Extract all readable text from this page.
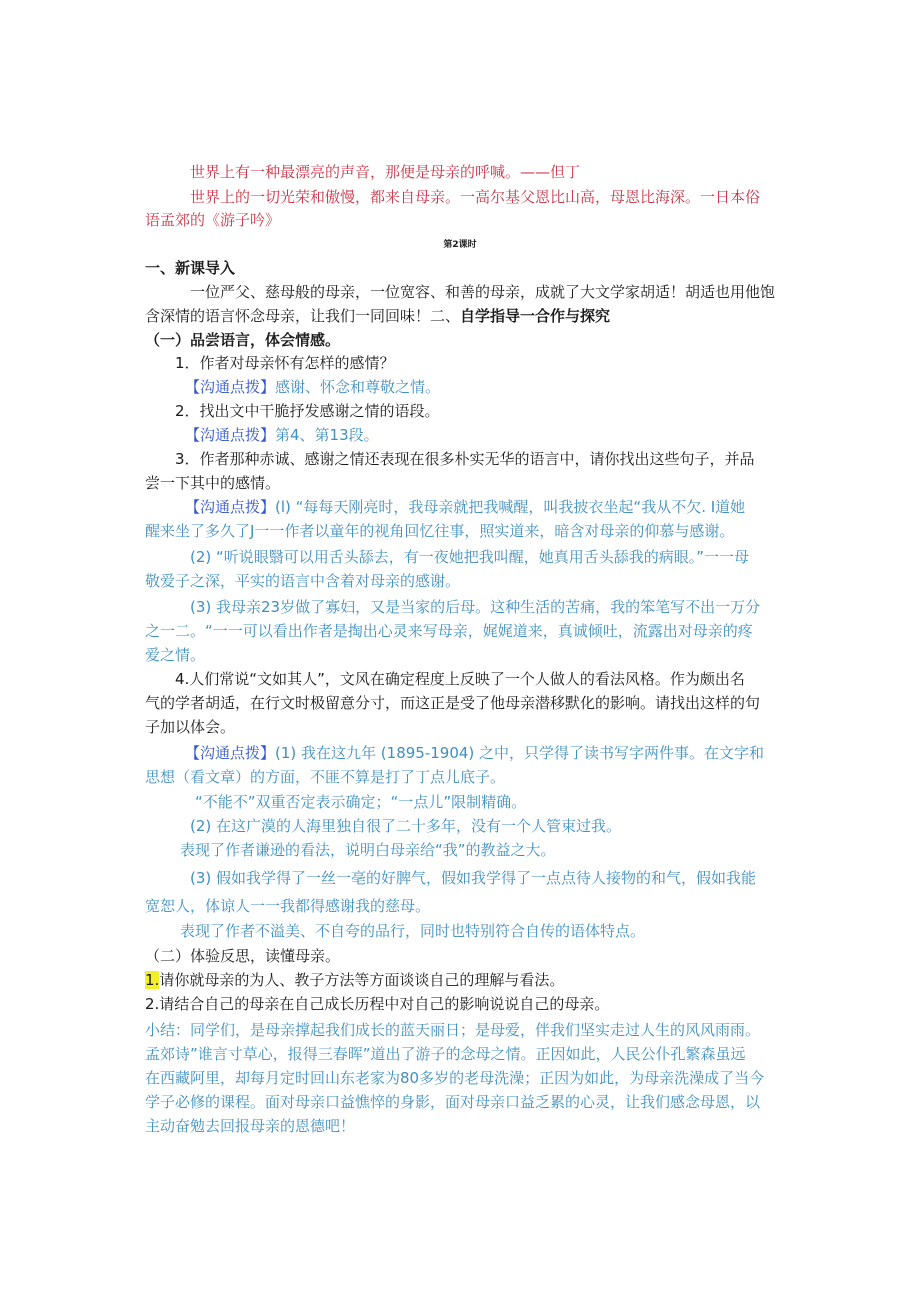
世界上有一种最漂亮的声音，那便是母亲的呼喊。——但丁
世界上的一切光荣和傲慢，都来自母亲。一高尔基父恩比山高，母恩比海深。一日本俗
语孟郊的《游子吟》
第2课时
一、新课导入
一位严父、慈母般的母亲，一位宽容、和善的母亲，成就了大文学家胡适！胡适也用他饱
含深情的语言怀念母亲，让我们一同回味！二、自学指导一合作与探究
（一）品尝语言，体会情感。
1．作者对母亲怀有怎样的感情？
【沟通点拨】感谢、怀念和尊敬之情。
2．找出文中干脆抒发感谢之情的语段。
【沟通点拨】第4、第13段。
3．作者那种赤诚、感谢之情还表现在很多朴实无华的语言中，请你找出这些句子，并品
尝一下其中的感情。
【沟通点拨】(l) “每每天刚亮时，我母亲就把我喊醒，叫我披衣坐起“我从不欠. I道她
醒来坐了多久了J一一作者以童年的视角回忆往事，照实道来，暗含对母亲的仰慕与感谢。
(2) “听说眼翳可以用舌头舔去，有一夜她把我叫醒，她真用舌头舔我的病眼。”一一母
敬爱子之深，平实的语言中含着对母亲的感谢。
(3) 我母亲23岁做了寡妇，又是当家的后母。这种生活的苦痛，我的笨笔写不出一万分
之一二。“一一可以看出作者是掏出心灵来写母亲，娓娓道来，真诚倾吐，流露出对母亲的疼
爱之情。
4.人们常说“文如其人”，文风在确定程度上反映了一个人做人的看法风格。作为颇出名
气的学者胡适，在行文时极留意分寸，而这正是受了他母亲潜移默化的影响。请找出这样的句
子加以体会。
【沟通点拨】(1) 我在这九年 (1895-1904) 之中，只学得了读书写字两件事。在文字和
思想（看文章）的方面，不匪不算是打了丁点儿底子。
“不能不”双重否定表示确定；“一点儿”限制精确。
(2) 在这广漠的人海里独自很了二十多年，没有一个人管束过我。
表现了作者谦逊的看法，说明白母亲给“我”的教益之大。
(3) 假如我学得了一丝一亳的好脾气，假如我学得了一点点待人接物的和气，假如我能
宽恕人，体谅人一一我都得感谢我的慈母。
表现了作者不溢美、不自夸的品行，同时也特别符合自传的语体特点。
（二）体验反思，读懂母亲。
1.请你就母亲的为人、教子方法等方面谈谈自己的理解与看法。
2.请结合自己的母亲在自己成长历程中对自己的影响说说自己的母亲。
小结：同学们，是母亲撑起我们成长的蓝天丽日；是母爱，伴我们坚实走过人生的风风雨雨。
孟郊诗”谁言寸草心，报得三春晖”道出了游子的念母之情。正因如此，人民公仆孔繁森虽远
在西藏阿里，却每月定时回山东老家为80多岁的老母洗澡；正因为如此，为母亲洗澡成了当今
学子必修的课程。面对母亲口益憔悴的身影，面对母亲口益乏累的心灵，让我们感念母恩，以
主动奋勉去回报母亲的恩德吧！
